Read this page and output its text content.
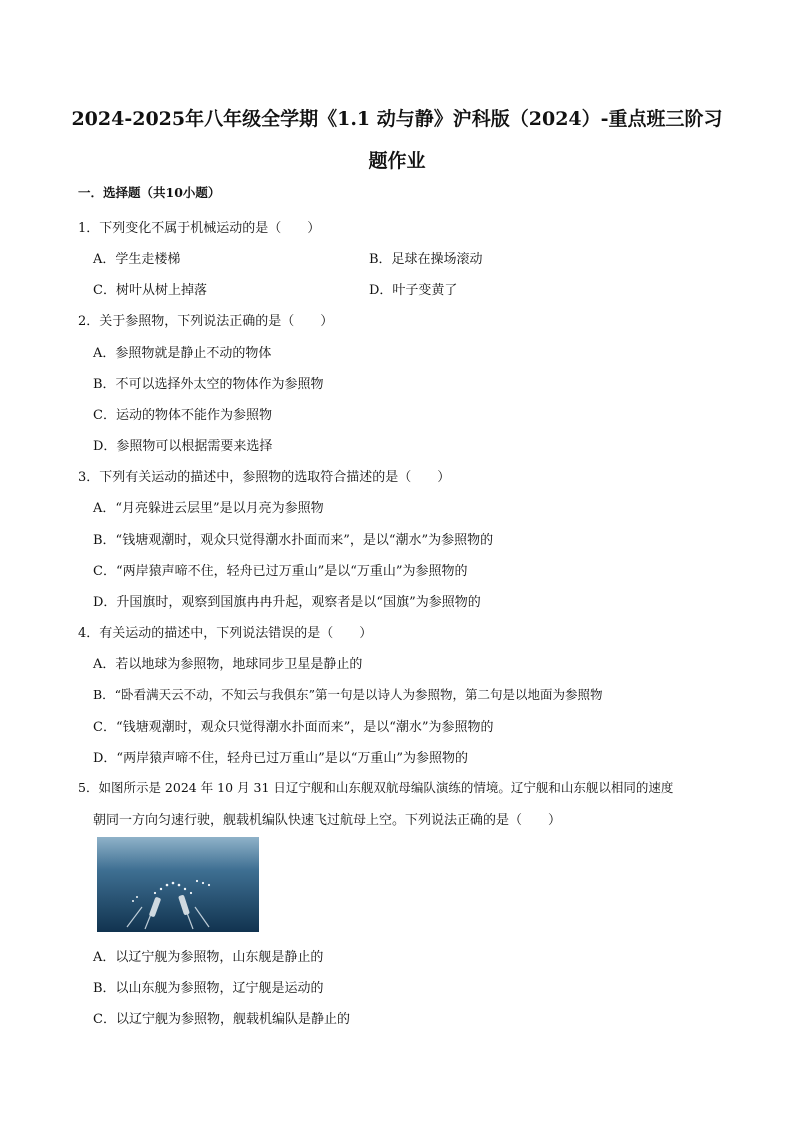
2024-2025年八年级全学期《1.1 动与静》沪科版（2024）-重点班三阶习
题作业
一．选择题（共10小题）
1．下列变化不属于机械运动的是（　　）
A．学生走楼梯	B．足球在操场滚动
C．树叶从树上掉落	D．叶子变黄了
2．关于参照物，下列说法正确的是（　　）
A．参照物就是静止不动的物体
B．不可以选择外太空的物体作为参照物
C．运动的物体不能作为参照物
D．参照物可以根据需要来选择
3．下列有关运动的描述中，参照物的选取符合描述的是（　　）
A．“月亮躲进云层里”是以月亮为参照物
B．“钱塘观潮时，观众只觉得潮水扑面而来”，是以“潮水”为参照物的
C．“两岸猿声啼不住，轻舟已过万重山”是以“万重山”为参照物的
D．升国旗时，观察到国旗冉冉升起，观察者是以“国旗”为参照物的
4．有关运动的描述中，下列说法错误的是（　　）
A．若以地球为参照物，地球同步卫星是静止的
B．“卧看满天云不动，不知云与我俱东”第一句是以诗人为参照物，第二句是以地面为参照物
C．“钱塘观潮时，观众只觉得潮水扑面而来”，是以“潮水”为参照物的
D．“两岸猿声啼不住，轻舟已过万重山”是以“万重山”为参照物的
5．如图所示是 2024 年 10 月 31 日辽宁舰和山东舰双航母编队演练的情境。辽宁舰和山东舰以相同的速度
朝同一方向匀速行驶，舰载机编队快速飞过航母上空。下列说法正确的是（　　）
A．以辽宁舰为参照物，山东舰是静止的
B．以山东舰为参照物，辽宁舰是运动的
C．以辽宁舰为参照物，舰载机编队是静止的
